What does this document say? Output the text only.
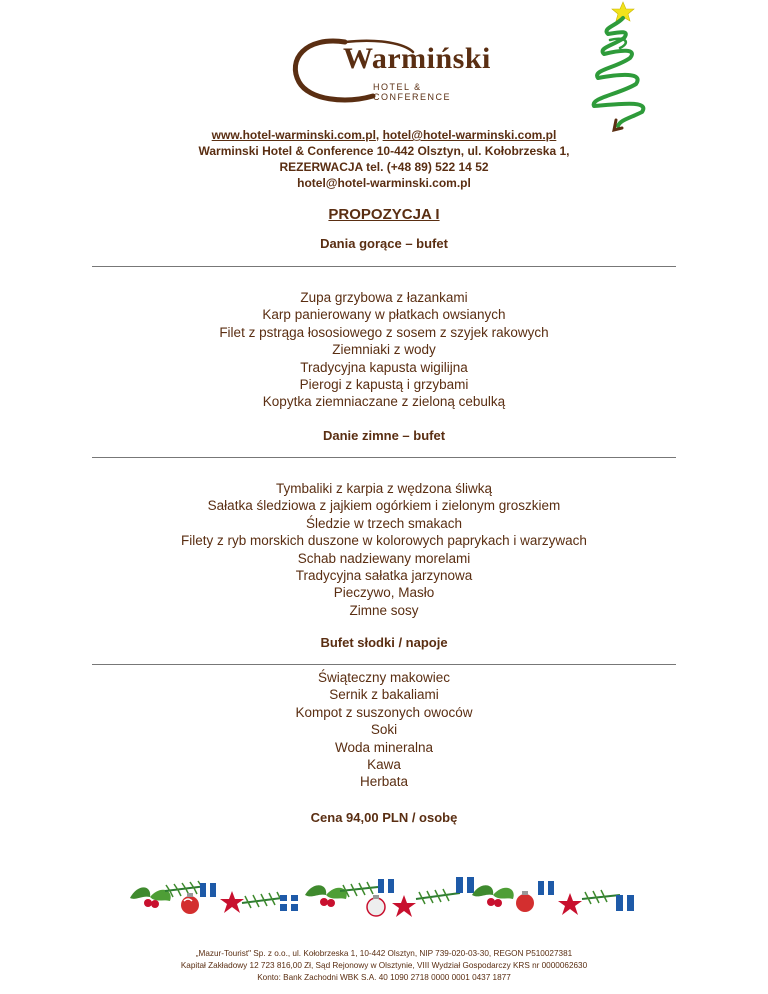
Warmiński
HOTEL & CONFERENCE
www.hotel-warminski.com.pl, hotel@hotel-warminski.com.pl
Warminski Hotel & Conference 10-442 Olsztyn, ul. Kołobrzeska 1,
REZERWACJA tel. (+48 89) 522 14 52
hotel@hotel-warminski.com.pl
PROPOZYCJA I
Dania gorące – bufet
Zupa grzybowa z łazankami
Karp panierowany w płatkach owsianych
Filet z pstrąga łososiowego z sosem z szyjek rakowych
Ziemniaki z wody
Tradycyjna kapusta wigilijna
Pierogi z kapustą i grzybami
Kopytka ziemniaczane z zieloną cebulką
Danie zimne – bufet
Tymbaliki z karpia z wędzona śliwką
Sałatka śledziowa z jajkiem ogórkiem i zielonym groszkiem
Śledzie w trzech smakach
Filety z ryb morskich duszone w kolorowych paprykach i warzywach
Schab nadziewany morelami
Tradycyjna sałatka jarzynowa
Pieczywo, Masło
Zimne sosy
Bufet słodki / napoje
Świąteczny makowiec
Sernik z bakaliami
Kompot z suszonych owoców
Soki
Woda mineralna
Kawa
Herbata
Cena 94,00 PLN / osobę
„Mazur-Tourist" Sp. z o.o., ul. Kołobrzeska 1, 10-442 Olsztyn, NIP 739-020-03-30, REGON P510027381
Kapitał Zakładowy 12 723 816,00 Zł, Sąd Rejonowy w Olsztynie, VIII Wydział Gospodarczy KRS nr 0000062630
Konto: Bank Zachodni WBK S.A. 40 1090 2718 0000 0001 0437 1877
